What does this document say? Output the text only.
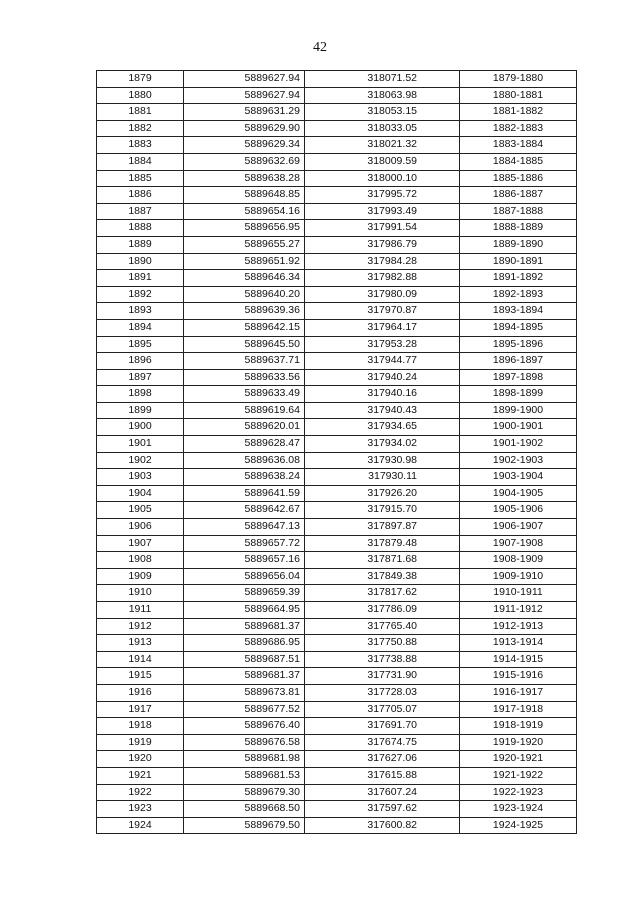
42
1879	5889627.94	318071.52	1879-1880
1880	5889627.94	318063.98	1880-1881
1881	5889631.29	318053.15	1881-1882
1882	5889629.90	318033.05	1882-1883
1883	5889629.34	318021.32	1883-1884
1884	5889632.69	318009.59	1884-1885
1885	5889638.28	318000.10	1885-1886
1886	5889648.85	317995.72	1886-1887
1887	5889654.16	317993.49	1887-1888
1888	5889656.95	317991.54	1888-1889
1889	5889655.27	317986.79	1889-1890
1890	5889651.92	317984.28	1890-1891
1891	5889646.34	317982.88	1891-1892
1892	5889640.20	317980.09	1892-1893
1893	5889639.36	317970.87	1893-1894
1894	5889642.15	317964.17	1894-1895
1895	5889645.50	317953.28	1895-1896
1896	5889637.71	317944.77	1896-1897
1897	5889633.56	317940.24	1897-1898
1898	5889633.49	317940.16	1898-1899
1899	5889619.64	317940.43	1899-1900
1900	5889620.01	317934.65	1900-1901
1901	5889628.47	317934.02	1901-1902
1902	5889636.08	317930.98	1902-1903
1903	5889638.24	317930.11	1903-1904
1904	5889641.59	317926.20	1904-1905
1905	5889642.67	317915.70	1905-1906
1906	5889647.13	317897.87	1906-1907
1907	5889657.72	317879.48	1907-1908
1908	5889657.16	317871.68	1908-1909
1909	5889656.04	317849.38	1909-1910
1910	5889659.39	317817.62	1910-1911
1911	5889664.95	317786.09	1911-1912
1912	5889681.37	317765.40	1912-1913
1913	5889686.95	317750.88	1913-1914
1914	5889687.51	317738.88	1914-1915
1915	5889681.37	317731.90	1915-1916
1916	5889673.81	317728.03	1916-1917
1917	5889677.52	317705.07	1917-1918
1918	5889676.40	317691.70	1918-1919
1919	5889676.58	317674.75	1919-1920
1920	5889681.98	317627.06	1920-1921
1921	5889681.53	317615.88	1921-1922
1922	5889679.30	317607.24	1922-1923
1923	5889668.50	317597.62	1923-1924
1924	5889679.50	317600.82	1924-1925
